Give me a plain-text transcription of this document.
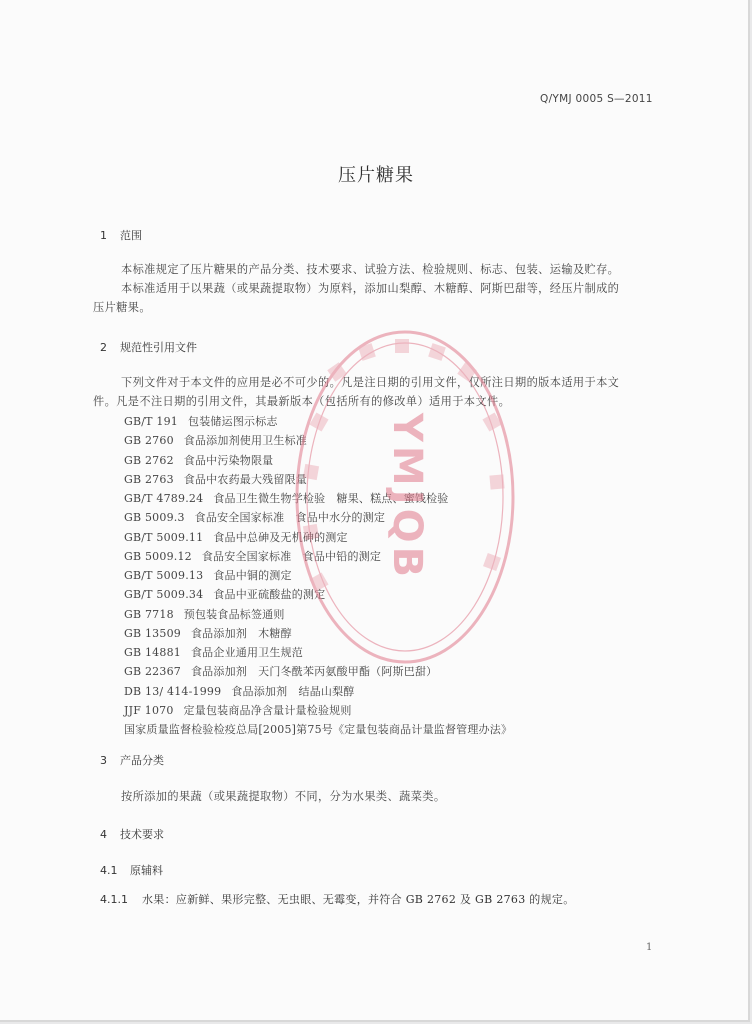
Q/YMJ 0005 S—2011
压片糖果
1 范围
本标准规定了压片糖果的产品分类、技术要求、试验方法、检验规则、标志、包装、运输及贮存。
本标准适用于以果蔬（或果蔬提取物）为原料，添加山梨醇、木糖醇、阿斯巴甜等，经压片制成的
压片糖果。
2 规范性引用文件
下列文件对于本文件的应用是必不可少的。凡是注日期的引用文件，仅所注日期的版本适用于本文
件。凡是不注日期的引用文件，其最新版本（包括所有的修改单）适用于本文件。
GB/T 191 包装储运图示标志
GB 2760 食品添加剂使用卫生标准
GB 2762 食品中污染物限量
GB 2763 食品中农药最大残留限量
GB/T 4789.24 食品卫生微生物学检验　糖果、糕点、蜜饯检验
GB 5009.3 食品安全国家标准　食品中水分的测定
GB/T 5009.11 食品中总砷及无机砷的测定
GB 5009.12 食品安全国家标准　食品中铅的测定
GB/T 5009.13 食品中铜的测定
GB/T 5009.34 食品中亚硫酸盐的测定
GB 7718 预包装食品标签通则
GB 13509 食品添加剂　木糖醇
GB 14881 食品企业通用卫生规范
GB 22367 食品添加剂　天门冬酰苯丙氨酸甲酯（阿斯巴甜）
DB 13/ 414-1999 食品添加剂　结晶山梨醇
JJF 1070 定量包装商品净含量计量检验规则
国家质量监督检验检疫总局[2005]第75号《定量包装商品计量监督管理办法》
3 产品分类
按所添加的果蔬（或果蔬提取物）不同，分为水果类、蔬菜类。
4 技术要求
4.1 原辅料
4.1.1 水果：应新鲜、果形完整、无虫眼、无霉变，并符合 GB 2762 及 GB 2763 的规定。
YMJQB
1
